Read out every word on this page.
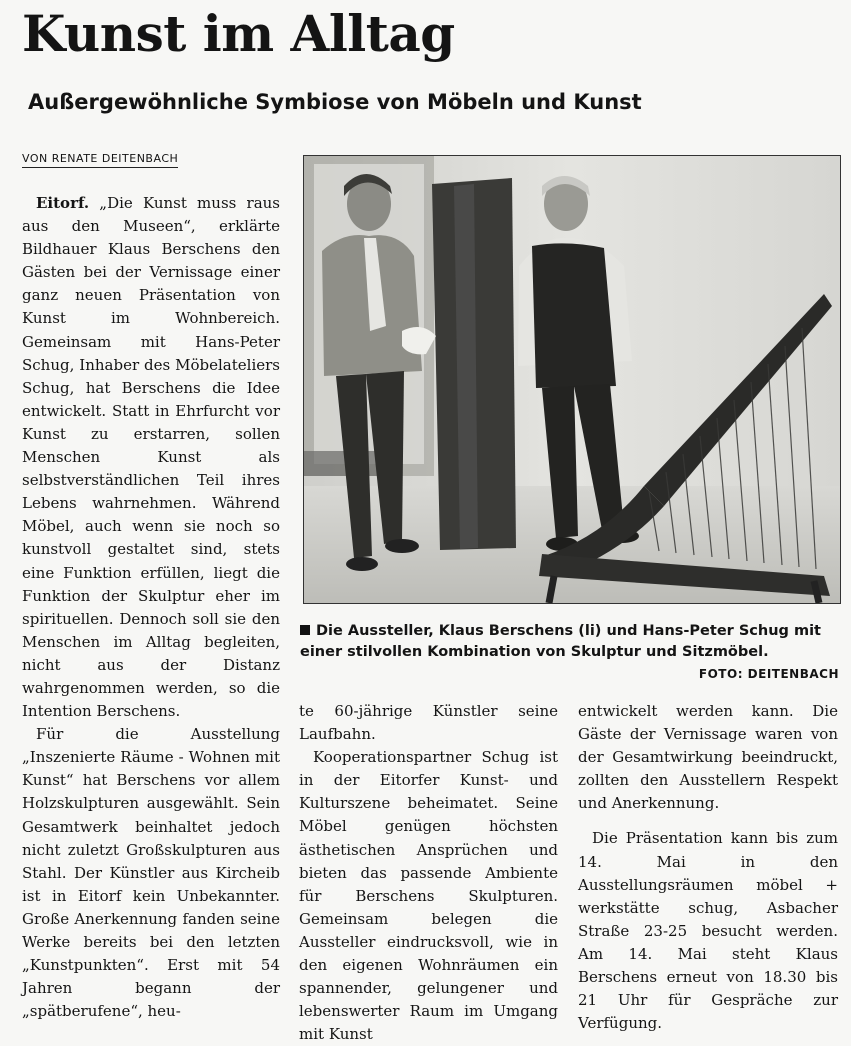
Kunst im Alltag
Außergewöhnliche Symbiose von Möbeln und Kunst
VON RENATE DEITENBACH

Eitorf. „Die Kunst muss raus aus den Museen“, erklärte Bildhauer Klaus Berschens den Gästen bei der Vernissage einer ganz neuen Präsentation von Kunst im Wohnbereich. Gemeinsam mit Hans-Peter Schug, Inhaber des Möbelateliers Schug, hat Berschens die Idee entwickelt. Statt in Ehrfurcht vor Kunst zu erstarren, sollen Menschen Kunst als selbstverständlichen Teil ihres Lebens wahrnehmen. Während Möbel, auch wenn sie noch so kunstvoll gestaltet sind, stets eine Funktion erfüllen, liegt die Funktion der Skulptur eher im spirituellen. Dennoch soll sie den Menschen im Alltag begleiten, nicht aus der Distanz wahrgenommen werden, so die Intention Berschens.

Für die Ausstellung „Inszenierte Räume - Wohnen mit Kunst“ hat Berschens vor allem Holzskulpturen ausgewählt. Sein Gesamtwerk beinhaltet jedoch nicht zuletzt Großskulpturen aus Stahl. Der Künstler aus Kircheib ist in Eitorf kein Unbekannter. Große Anerkennung fanden seine Werke bereits bei den letzten „Kunstpunkten“. Erst mit 54 Jahren begann der „spätberufene“, heu-

te 60-jährige Künstler seine Laufbahn.

Kooperationspartner Schug ist in der Eitorfer Kunst- und Kulturszene beheimatet. Seine Möbel genügen höchsten ästhetischen Ansprüchen und bieten das passende Ambiente für Berschens Skulpturen. Gemeinsam belegen die Aussteller eindrucksvoll, wie in den eigenen Wohnräumen ein spannender, gelungener und lebenswerter Raum im Umgang mit Kunst

entwickelt werden kann. Die Gäste der Vernissage waren von der Gesamtwirkung beeindruckt, zollten den Ausstellern Respekt und Anerkennung.

Die Präsentation kann bis zum 14. Mai in den Ausstellungsräumen möbel + werkstätte schug, Asbacher Straße 23-25 besucht werden. Am 14. Mai steht Klaus Berschens erneut von 18.30 bis 21 Uhr für Gespräche zur Verfügung.

Die Aussteller, Klaus Berschens (li) und Hans-Peter Schug mit einer stilvollen Kombination von Skulptur und Sitzmöbel.

FOTO: DEITENBACH
